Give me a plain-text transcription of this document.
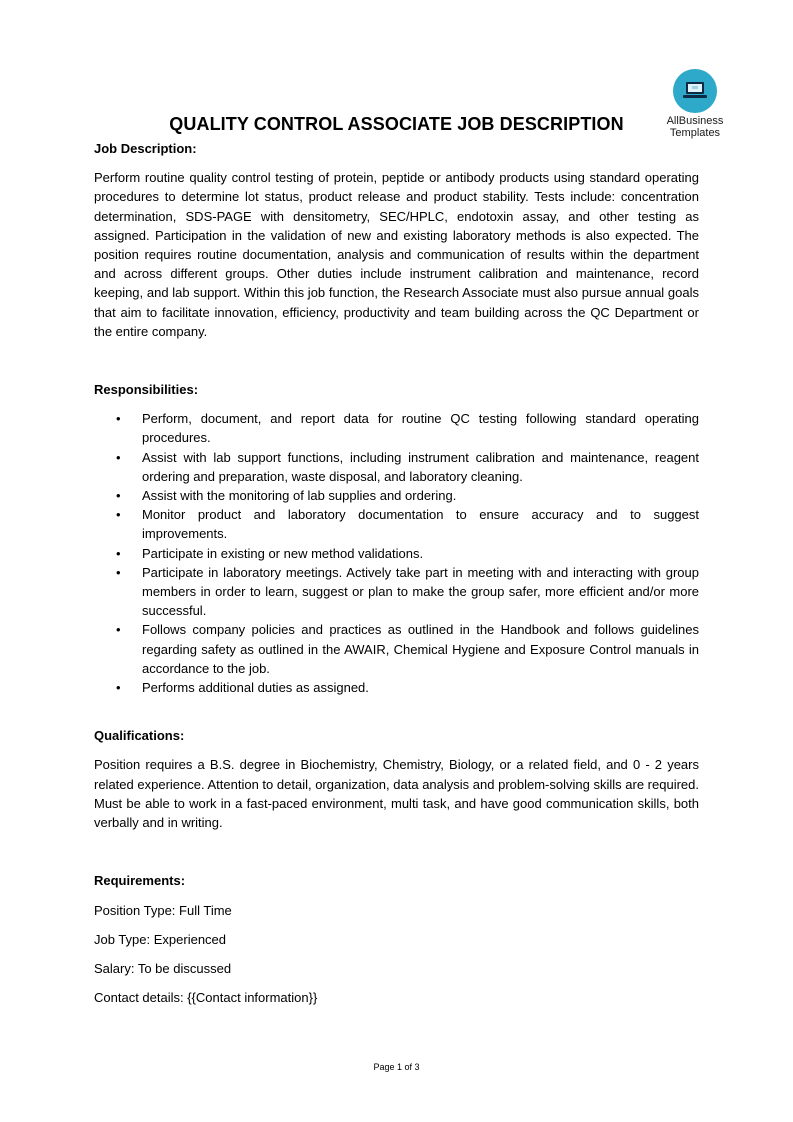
AllBusiness
Templates
QUALITY CONTROL ASSOCIATE JOB DESCRIPTION

Job Description:

Perform routine quality control testing of protein, peptide or antibody products using standard operating procedures to determine lot status, product release and product stability. Tests include: concentration determination, SDS-PAGE with densitometry, SEC/HPLC, endotoxin assay, and other testing as assigned. Participation in the validation of new and existing laboratory methods is also expected. The position requires routine documentation, analysis and communication of results within the department and across different groups. Other duties include instrument calibration and maintenance, record keeping, and lab support. Within this job function, the Research Associate must also pursue annual goals that aim to facilitate innovation, efficiency, productivity and team building across the QC Department or the entire company.

Responsibilities:

• Perform, document, and report data for routine QC testing following standard operating procedures.
• Assist with lab support functions, including instrument calibration and maintenance, reagent ordering and preparation, waste disposal, and laboratory cleaning.
• Assist with the monitoring of lab supplies and ordering.
• Monitor product and laboratory documentation to ensure accuracy and to suggest improvements.
• Participate in existing or new method validations.
• Participate in laboratory meetings. Actively take part in meeting with and interacting with group members in order to learn, suggest or plan to make the group safer, more efficient and/or more successful.
• Follows company policies and practices as outlined in the Handbook and follows guidelines regarding safety as outlined in the AWAIR, Chemical Hygiene and Exposure Control manuals in accordance to the job.
• Performs additional duties as assigned.

Qualifications:

Position requires a B.S. degree in Biochemistry, Chemistry, Biology, or a related field, and 0 - 2 years related experience. Attention to detail, organization, data analysis and problem-solving skills are required. Must be able to work in a fast-paced environment, multi task, and have good communication skills, both verbally and in writing.

Requirements:

Position Type: Full Time

Job Type: Experienced

Salary: To be discussed

Contact details: {{Contact information}}

Page 1 of 3
